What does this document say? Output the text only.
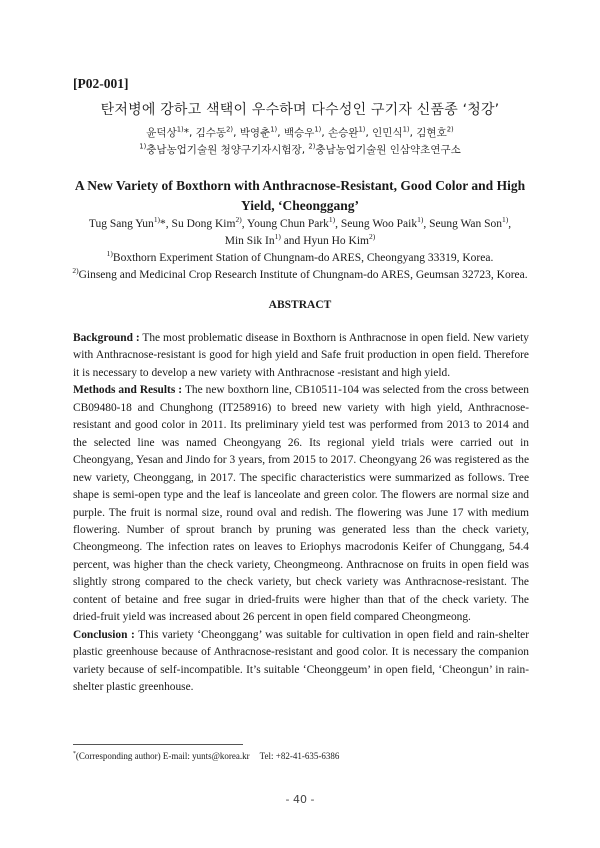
[P02-001]
탄저병에 강하고 색택이 우수하며 다수성인 구기자 신품종 ‘청강’
윤덕상$^{1)}$*, 김수동$^{2)}$, 박영춘$^{1)}$, 백승우$^{1)}$, 손승완$^{1)}$, 인민식$^{1)}$, 김현호$^{2)}$
$^{1)}$충남농업기술원 청양구기자시험장, $^{2)}$충남농업기술원 인삼약초연구소
A New Variety of Boxthorn with Anthracnose-Resistant, Good Color and High Yield, ‘Cheonggang’
Tug Sang Yun$^{1)}$*, Su Dong Kim$^{2)}$, Young Chun Park$^{1)}$, Seung Woo Paik$^{1)}$, Seung Wan Son$^{1)}$,
Min Sik In$^{1)}$ and Hyun Ho Kim$^{2)}$
$^{1)}$Boxthorn Experiment Station of Chungnam-do ARES, Cheongyang 33319, Korea.
$^{2)}$Ginseng and Medicinal Crop Research Institute of Chungnam-do ARES, Geumsan 32723, Korea.
ABSTRACT

Background : The most problematic disease in Boxthorn is Anthracnose in open field. New variety with Anthracnose-resistant is good for high yield and Safe fruit production in open field. Therefore it is necessary to develop a new variety with Anthracnose -resistant and high yield.

Methods and Results : The new boxthorn line, CB10511-104 was selected from the cross between CB09480-18 and Chunghong (IT258916) to breed new variety with high yield, Anthracnose-resistant and good color in 2011. Its preliminary yield test was performed from 2013 to 2014 and the selected line was named Cheongyang 26. Its regional yield trials were carried out in Cheongyang, Yesan and Jindo for 3 years, from 2015 to 2017. Cheongyang 26 was registered as the new variety, Cheonggang, in 2017. The specific characteristics were summarized as follows. Tree shape is semi-open type and the leaf is lanceolate and green color. The flowers are normal size and purple. The fruit is normal size, round oval and redish. The flowering was June 17 with medium flowering. Number of sprout branch by pruning was generated less than the check variety, Cheongmeong. The infection rates on leaves to Eriophys macrodonis Keifer of Chunggang, 54.4 percent, was higher than the check variety, Cheongmeong. Anthracnose on fruits in open field was slightly strong compared to the check variety, but check variety was Anthracnose-resistant. The content of betaine and free sugar in dried-fruits were higher than that of the check variety. The dried-fruit yield was increased about 26 percent in open field compared Cheongmeong.

Conclusion : This variety ‘Cheonggang’ was suitable for cultivation in open field and rain-shelter plastic greenhouse because of Anthracnose-resistant and good color. It is necessary the companion variety because of self-incompatible. It’s suitable ‘Cheonggeum’ in open field, ‘Cheongun’ in rain-shelter plastic greenhouse.

*(Corresponding author) E-mail: yunts@korea.kr Tel: +82-41-635-6386
- 40 -
